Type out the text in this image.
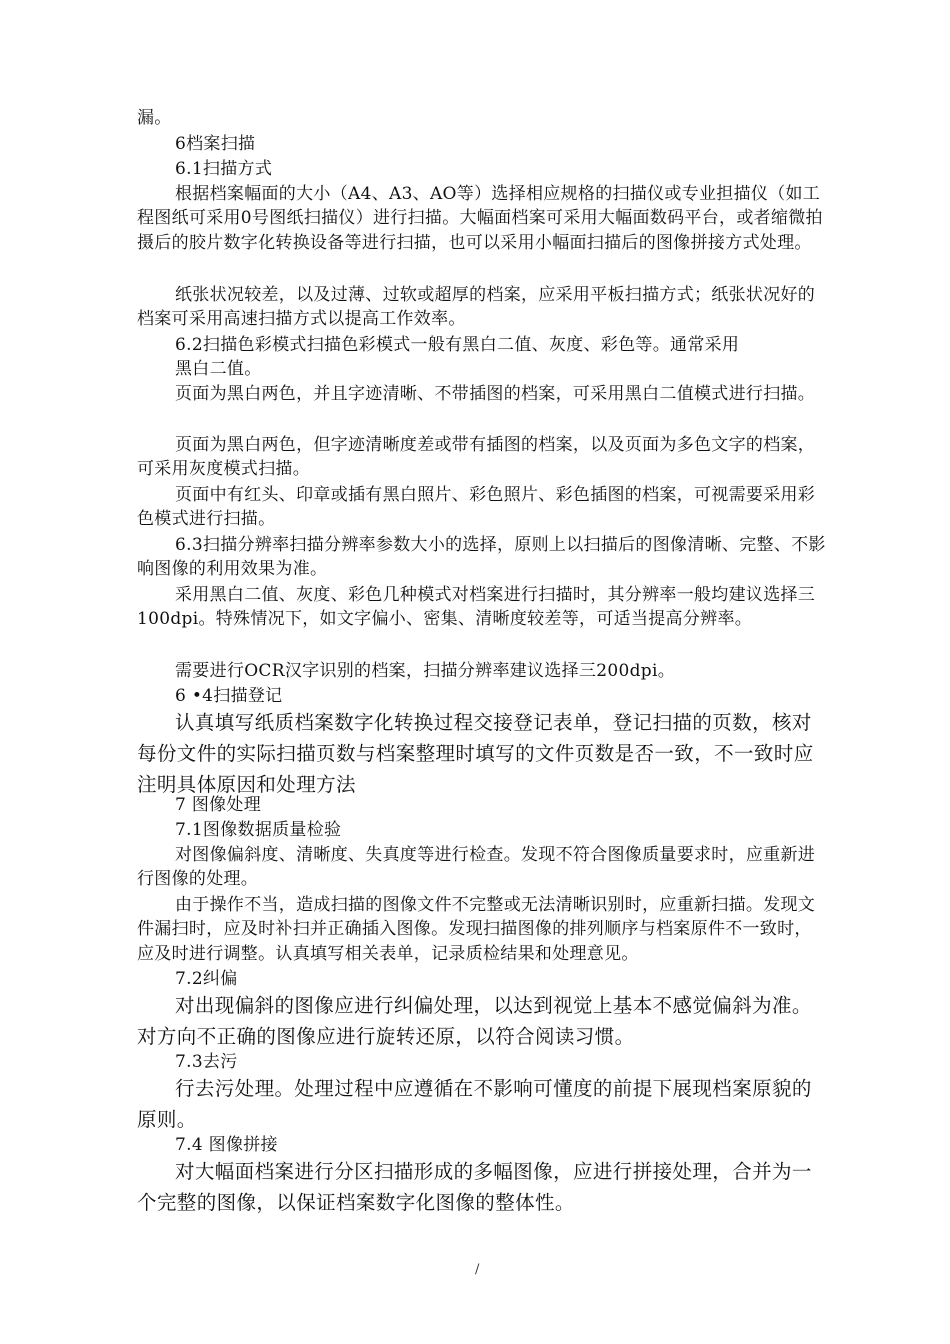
漏。

6档案扫描

6.1扫描方式

根据档案幅面的大小（A4、A3、AO等）选择相应规格的扫描仪或专业担描仪（如工程图纸可采用0号图纸扫描仪）进行扫描。大幅面档案可采用大幅面数码平台，或者缩微拍摄后的胶片数字化转换设备等进行扫描，也可以采用小幅面扫描后的图像拼接方式处理。

纸张状况较差，以及过薄、过软或超厚的档案，应采用平板扫描方式；纸张状况好的档案可采用高速扫描方式以提高工作效率。

6.2扫描色彩模式扫描色彩模式一般有黑白二值、灰度、彩色等。通常采用

黑白二值。

页面为黑白两色，并且字迹清晰、不带插图的档案，可采用黑白二值模式进行扫描。

页面为黑白两色，但字迹清晰度差或带有插图的档案，以及页面为多色文字的档案，可采用灰度模式扫描。

页面中有红头、印章或插有黑白照片、彩色照片、彩色插图的档案，可视需要采用彩色模式进行扫描。

6.3扫描分辨率扫描分辨率参数大小的选择，原则上以扫描后的图像清晰、完整、不影响图像的利用效果为准。

采用黑白二值、灰度、彩色几种模式对档案进行扫描时，其分辨率一般均建议选择三100dpi。特殊情况下，如文字偏小、密集、清晰度较差等，可适当提高分辨率。

需要进行OCR汉字识别的档案，扫描分辨率建议选择三200dpi。

6 •4扫描登记

认真填写纸质档案数字化转换过程交接登记表单，登记扫描的页数，核对每份文件的实际扫描页数与档案整理时填写的文件页数是否一致，不一致时应注明具体原因和处理方法

7 图像处理

7.1图像数据质量检验

对图像偏斜度、清晰度、失真度等进行检查。发现不符合图像质量要求时，应重新进行图像的处理。

由于操作不当，造成扫描的图像文件不完整或无法清晰识别时，应重新扫描。发现文件漏扫时，应及时补扫并正确插入图像。发现扫描图像的排列顺序与档案原件不一致时，应及时进行调整。认真填写相关表单，记录质检结果和处理意见。

7.2纠偏

对出现偏斜的图像应进行纠偏处理，以达到视觉上基本不感觉偏斜为准。对方向不正确的图像应进行旋转还原，以符合阅读习惯。

7.3去污

行去污处理。处理过程中应遵循在不影响可懂度的前提下展现档案原貌的原则。

7.4 图像拼接

对大幅面档案进行分区扫描形成的多幅图像，应进行拼接处理，合并为一个完整的图像，以保证档案数字化图像的整体性。

/
